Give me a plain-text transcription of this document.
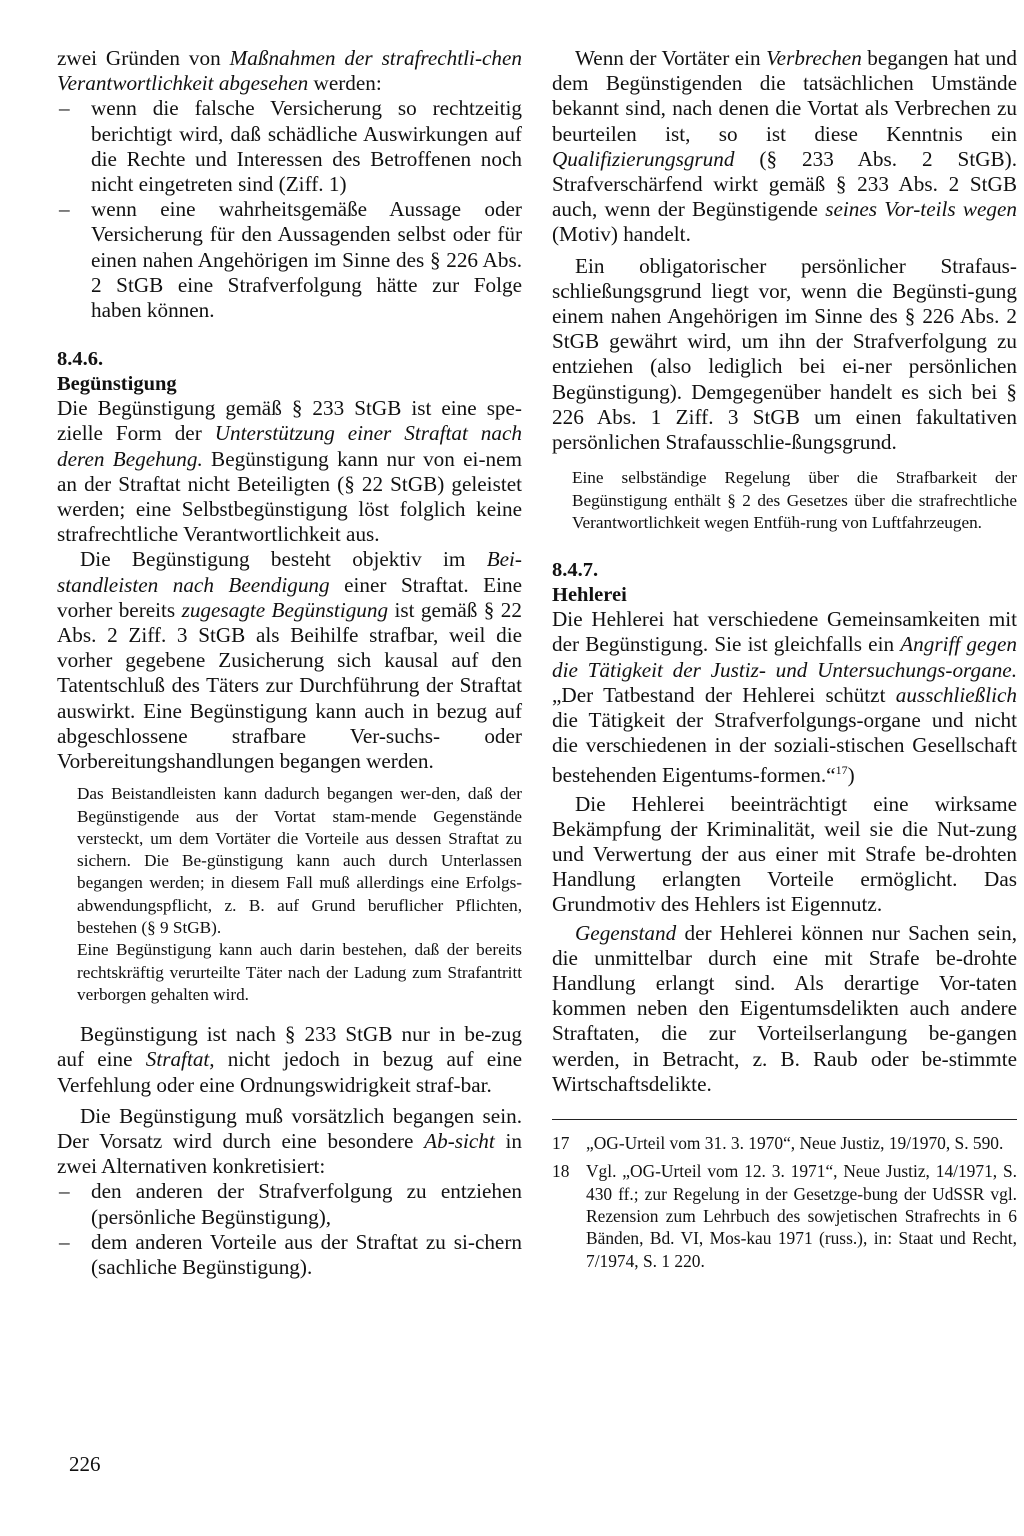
zwei Gründen von Maßnahmen der strafrechtli-chen Verantwortlichkeit abgesehen werden:

– wenn die falsche Versicherung so rechtzeitig berichtigt wird, daß schädliche Auswirkungen auf die Rechte und Interessen des Betroffenen noch nicht eingetreten sind (Ziff. 1)

– wenn eine wahrheitsgemäße Aussage oder Versicherung für den Aussagenden selbst oder für einen nahen Angehörigen im Sinne des § 226 Abs. 2 StGB eine Strafverfolgung hätte zur Folge haben können.

8.4.6.

Begünstigung

Die Begünstigung gemäß § 233 StGB ist eine spe-zielle Form der Unterstützung einer Straftat nach deren Begehung. Begünstigung kann nur von ei-nem an der Straftat nicht Beteiligten (§ 22 StGB) geleistet werden; eine Selbstbegünstigung löst folglich keine strafrechtliche Verantwortlichkeit aus.

Die Begünstigung besteht objektiv im Bei-standleisten nach Beendigung einer Straftat. Eine vorher bereits zugesagte Begünstigung ist gemäß § 22 Abs. 2 Ziff. 3 StGB als Beihilfe strafbar, weil die vorher gegebene Zusicherung sich kausal auf den Tatentschluß des Täters zur Durchführung der Straftat auswirkt. Eine Begünstigung kann auch in bezug auf abgeschlossene strafbare Ver-suchs- oder Vorbereitungshandlungen begangen werden.

Das Beistandleisten kann dadurch begangen wer-den, daß der Begünstigende aus der Vortat stam-mende Gegenstände versteckt, um dem Vortäter die Vorteile aus dessen Straftat zu sichern. Die Be-günstigung kann auch durch Unterlassen begangen werden; in diesem Fall muß allerdings eine Erfolgs-abwendungspflicht, z. B. auf Grund beruflicher Pflichten, bestehen (§ 9 StGB).

Eine Begünstigung kann auch darin bestehen, daß der bereits rechtskräftig verurteilte Täter nach der Ladung zum Strafantritt verborgen gehalten wird.

Begünstigung ist nach § 233 StGB nur in be-zug auf eine Straftat, nicht jedoch in bezug auf eine Verfehlung oder eine Ordnungswidrigkeit straf-bar.

Die Begünstigung muß vorsätzlich begangen sein. Der Vorsatz wird durch eine besondere Ab-sicht in zwei Alternativen konkretisiert:

– den anderen der Strafverfolgung zu entziehen (persönliche Begünstigung),

– dem anderen Vorteile aus der Straftat zu si-chern (sachliche Begünstigung).

Wenn der Vortäter ein Verbrechen begangen hat und dem Begünstigenden die tatsächlichen Umstände bekannt sind, nach denen die Vortat als Verbrechen zu beurteilen ist, so ist diese Kenntnis ein Qualifizierungsgrund (§ 233 Abs. 2 StGB). Strafverschärfend wirkt gemäß § 233 Abs. 2 StGB auch, wenn der Begünstigende seines Vor-teils wegen (Motiv) handelt.

Ein obligatorischer persönlicher Strafaus-schließungsgrund liegt vor, wenn die Begünsti-gung einem nahen Angehörigen im Sinne des § 226 Abs. 2 StGB gewährt wird, um ihn der Strafverfolgung zu entziehen (also lediglich bei ei-ner persönlichen Begünstigung). Demgegenüber handelt es sich bei § 226 Abs. 1 Ziff. 3 StGB um einen fakultativen persönlichen Strafausschlie-ßungsgrund.

Eine selbständige Regelung über die Strafbarkeit der Begünstigung enthält § 2 des Gesetzes über die strafrechtliche Verantwortlichkeit wegen Entfüh-rung von Luftfahrzeugen.

8.4.7.

Hehlerei

Die Hehlerei hat verschiedene Gemeinsamkeiten mit der Begünstigung. Sie ist gleichfalls ein Angriff gegen die Tätigkeit der Justiz- und Untersuchungs-organe. „Der Tatbestand der Hehlerei schützt ausschließlich die Tätigkeit der Strafverfolgungs-organe und nicht die verschiedenen in der soziali-stischen Gesellschaft bestehenden Eigentums-formen.“$^{17}$)

Die Hehlerei beeinträchtigt eine wirksame Bekämpfung der Kriminalität, weil sie die Nut-zung und Verwertung der aus einer mit Strafe be-drohten Handlung erlangten Vorteile ermöglicht. Das Grundmotiv des Hehlers ist Eigennutz.

Gegenstand der Hehlerei können nur Sachen sein, die unmittelbar durch eine mit Strafe be-drohte Handlung erlangt sind. Als derartige Vor-taten kommen neben den Eigentumsdelikten auch andere Straftaten, die zur Vorteilserlangung be-gangen werden, in Betracht, z. B. Raub oder be-stimmte Wirtschaftsdelikte.

17 „OG-Urteil vom 31. 3. 1970“, Neue Justiz, 19/1970, S. 590.

18 Vgl. „OG-Urteil vom 12. 3. 1971“, Neue Justiz, 14/1971, S. 430 ff.; zur Regelung in der Gesetzge-bung der UdSSR vgl. Rezension zum Lehrbuch des sowjetischen Strafrechts in 6 Bänden, Bd. VI, Mos-kau 1971 (russ.), in: Staat und Recht, 7/1974, S. 1 220.

226
